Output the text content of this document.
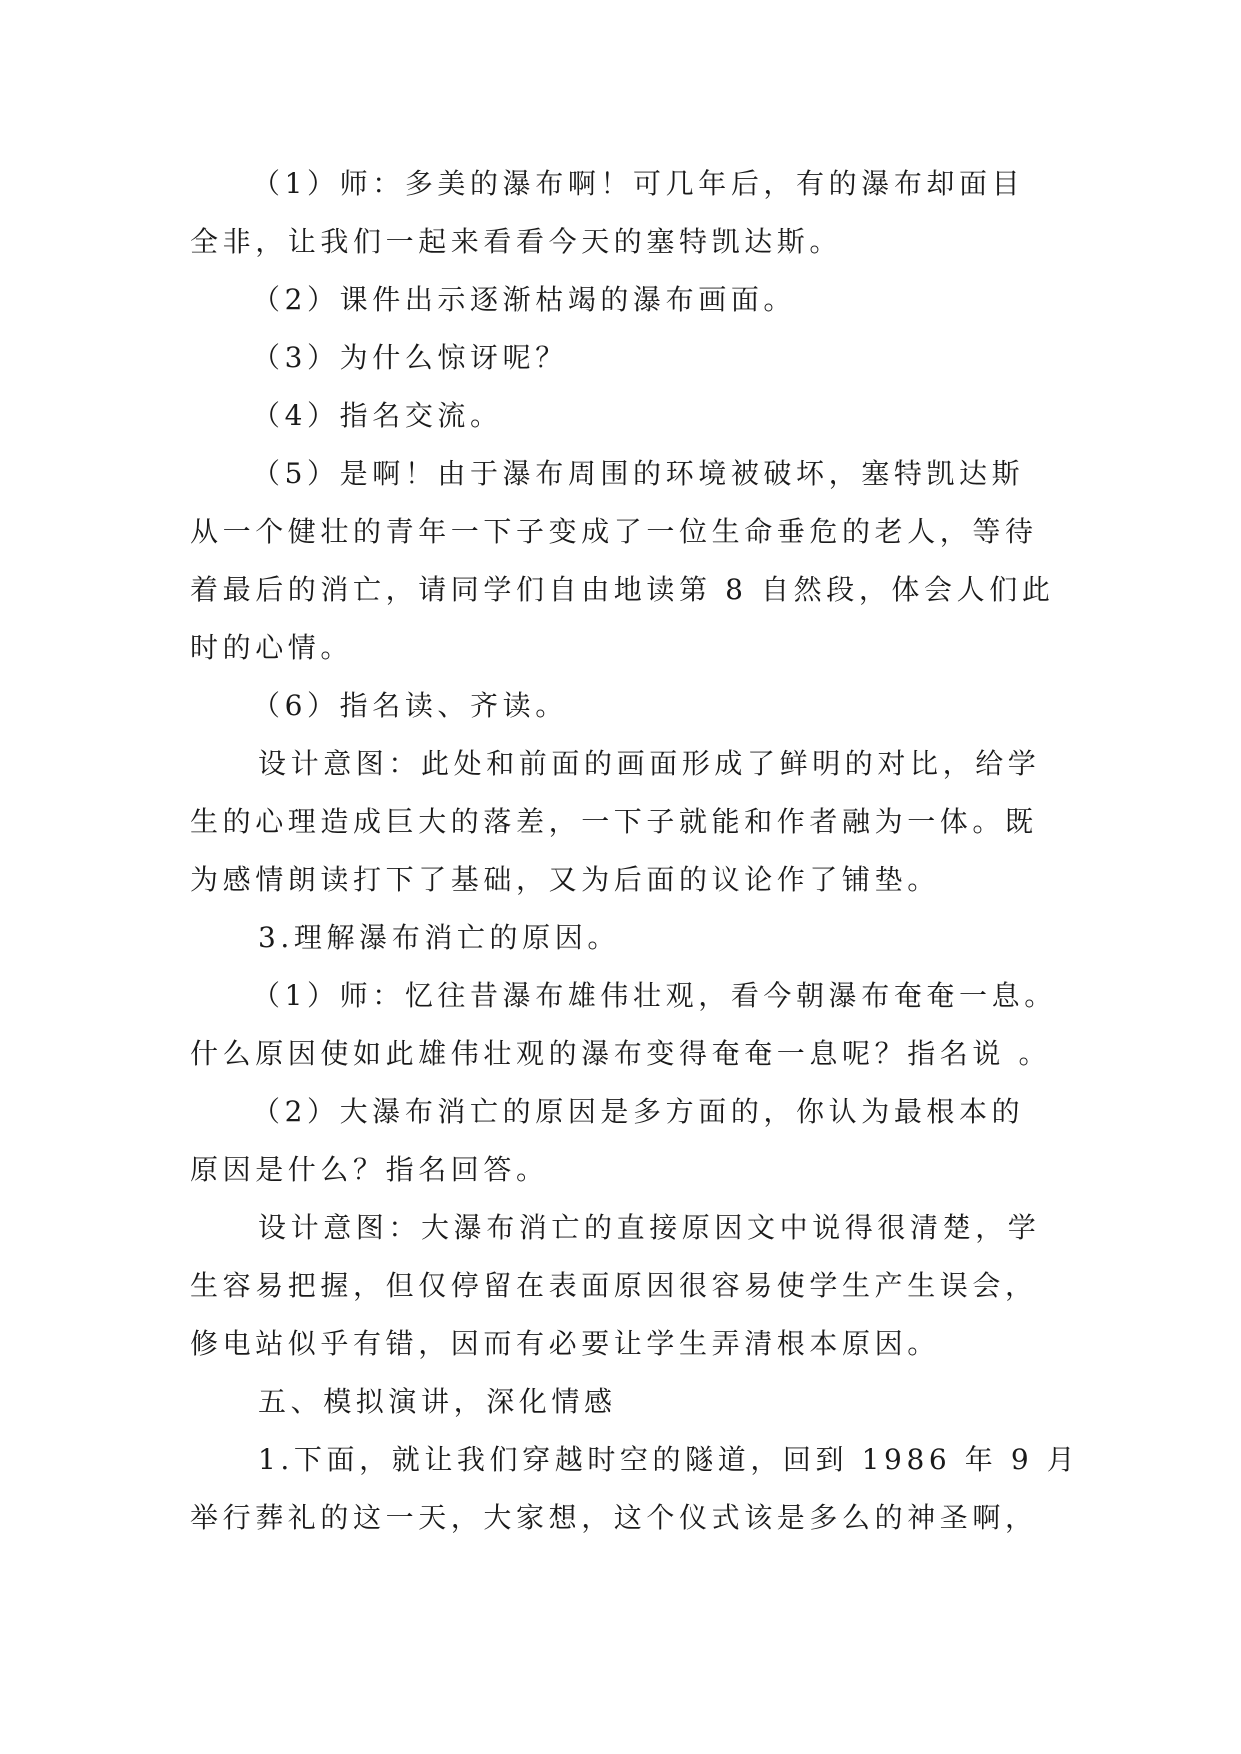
（1）师：多美的瀑布啊！可几年后，有的瀑布却面目
全非，让我们一起来看看今天的塞特凯达斯。
（2）课件出示逐渐枯竭的瀑布画面。
（3）为什么惊讶呢？
（4）指名交流。
（5）是啊！由于瀑布周围的环境被破坏，塞特凯达斯
从一个健壮的青年一下子变成了一位生命垂危的老人，等待
着最后的消亡，请同学们自由地读第 8 自然段，体会人们此
时的心情。
（6）指名读、齐读。
设计意图：此处和前面的画面形成了鲜明的对比，给学
生的心理造成巨大的落差，一下子就能和作者融为一体。既
为感情朗读打下了基础，又为后面的议论作了铺垫。
3.理解瀑布消亡的原因。
（1）师：忆往昔瀑布雄伟壮观，看今朝瀑布奄奄一息。
什么原因使如此雄伟壮观的瀑布变得奄奄一息呢？指名说 。
（2）大瀑布消亡的原因是多方面的，你认为最根本的
原因是什么？指名回答。
设计意图：大瀑布消亡的直接原因文中说得很清楚，学
生容易把握，但仅停留在表面原因很容易使学生产生误会，
修电站似乎有错，因而有必要让学生弄清根本原因。
五、模拟演讲，深化情感
1.下面，就让我们穿越时空的隧道，回到 1986 年 9 月
举行葬礼的这一天，大家想，这个仪式该是多么的神圣啊，
